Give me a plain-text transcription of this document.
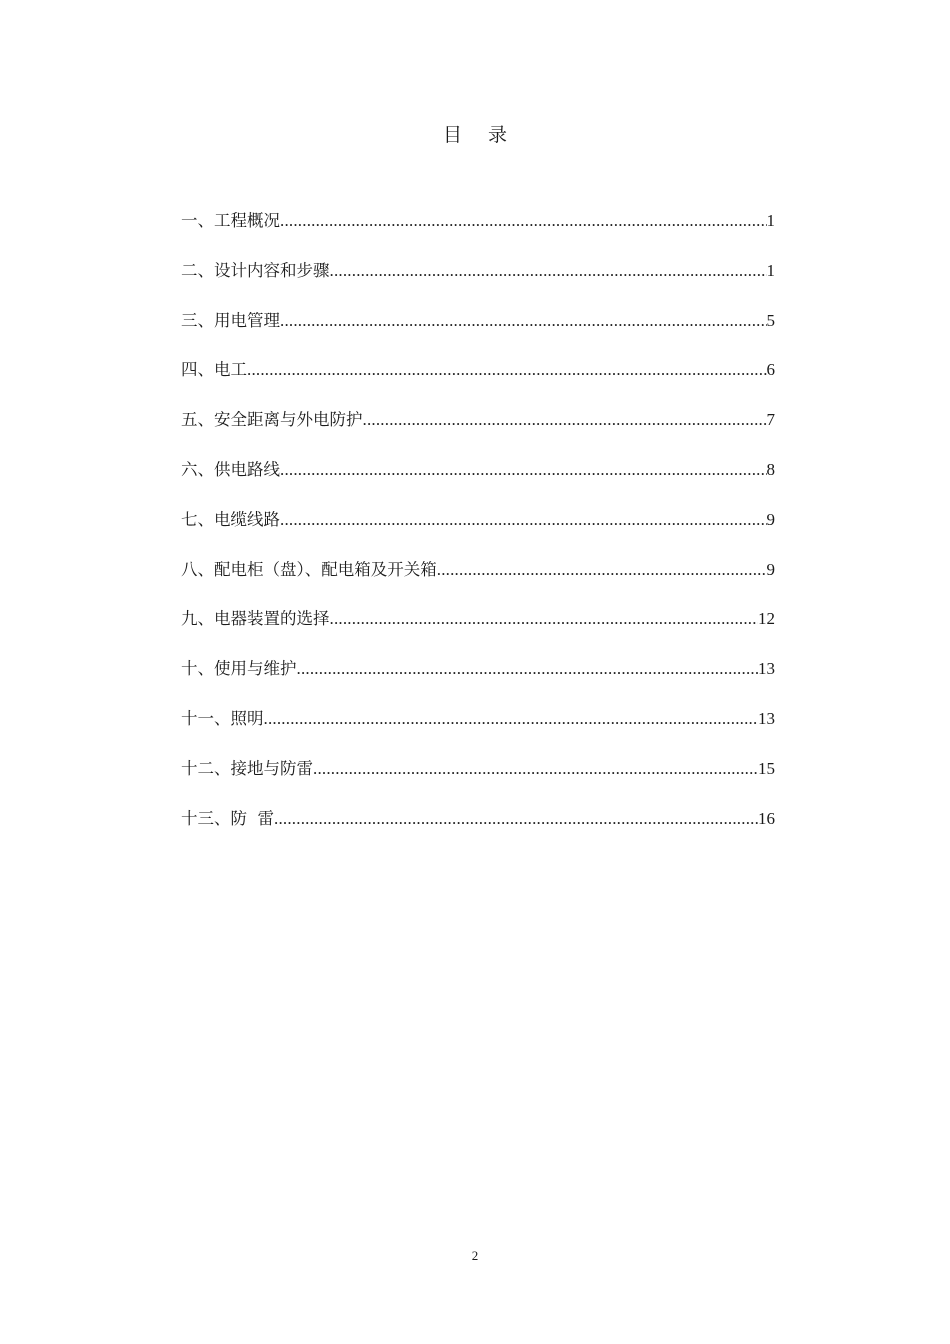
目录
一、工程概况 .....	1
二、设计内容和步骤 .....	1
三、用电管理 .....	5
四、电工 .....	6
五、安全距离与外电防护 .....	7
六、供电路线 .....	8
七、电缆线路 .....	9
八、配电柜（盘）、配电箱及开关箱 .....	9
九、电器装置的选择 .....	12
十、使用与维护 .....	13
十一、照明 .....	13
十二、接地与防雷 .....	15
十三、防  雷 .....	16
2
